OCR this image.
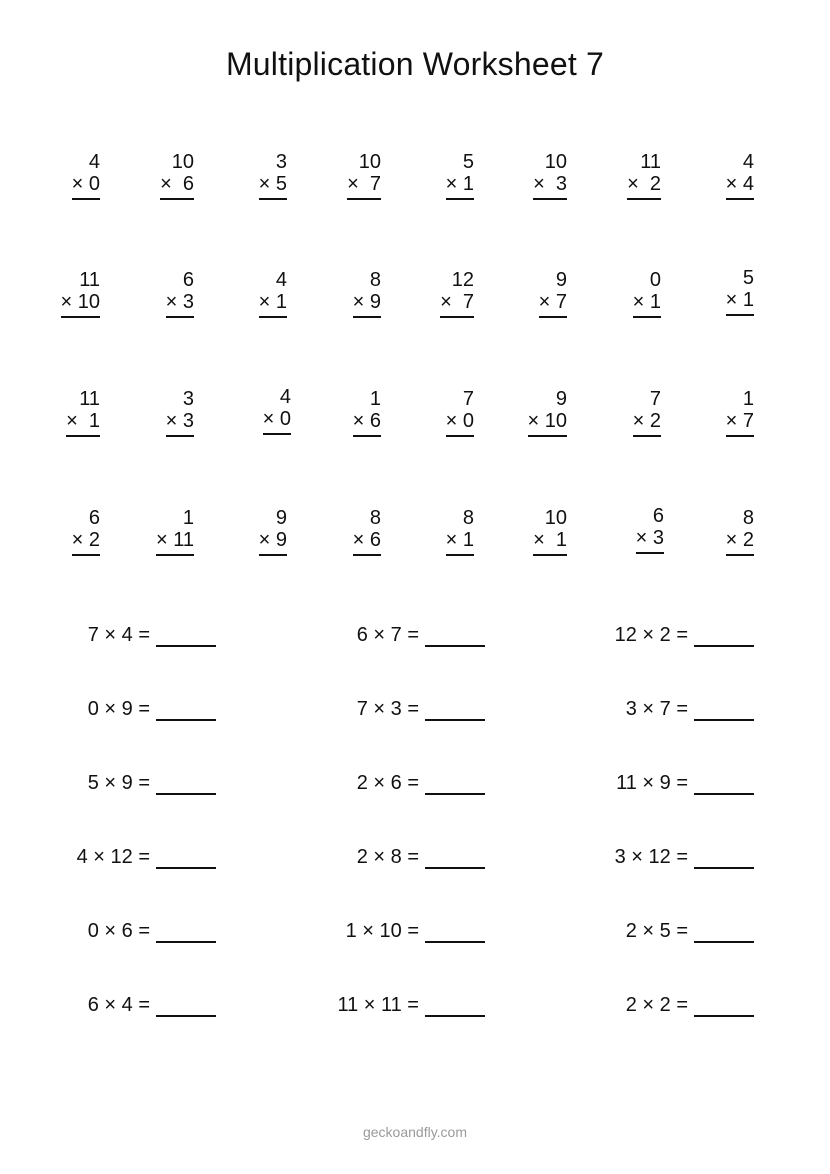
Multiplication Worksheet 7
4
× 0
10
×  6
3
× 5
10
×  7
5
× 1
10
×  3
11
×  2
4
× 4
11
× 10
6
× 3
4
× 1
8
× 9
12
×  7
9
× 7
0
× 1
5
× 1
11
×  1
3
× 3
4
× 0
1
× 6
7
× 0
9
× 10
7
× 2
1
× 7
6
× 2
1
× 11
9
× 9
8
× 6
8
× 1
10
×  1
6
× 3
8
× 2
7 × 4 =	6 × 7 =	12 × 2 =
0 × 9 =	7 × 3 =	3 × 7 =
5 × 9 =	2 × 6 =	11 × 9 =
4 × 12 =	2 × 8 =	3 × 12 =
0 × 6 =	1 × 10 =	2 × 5 =
6 × 4 =	11 × 11 =	2 × 2 =
geckoandfly.com
